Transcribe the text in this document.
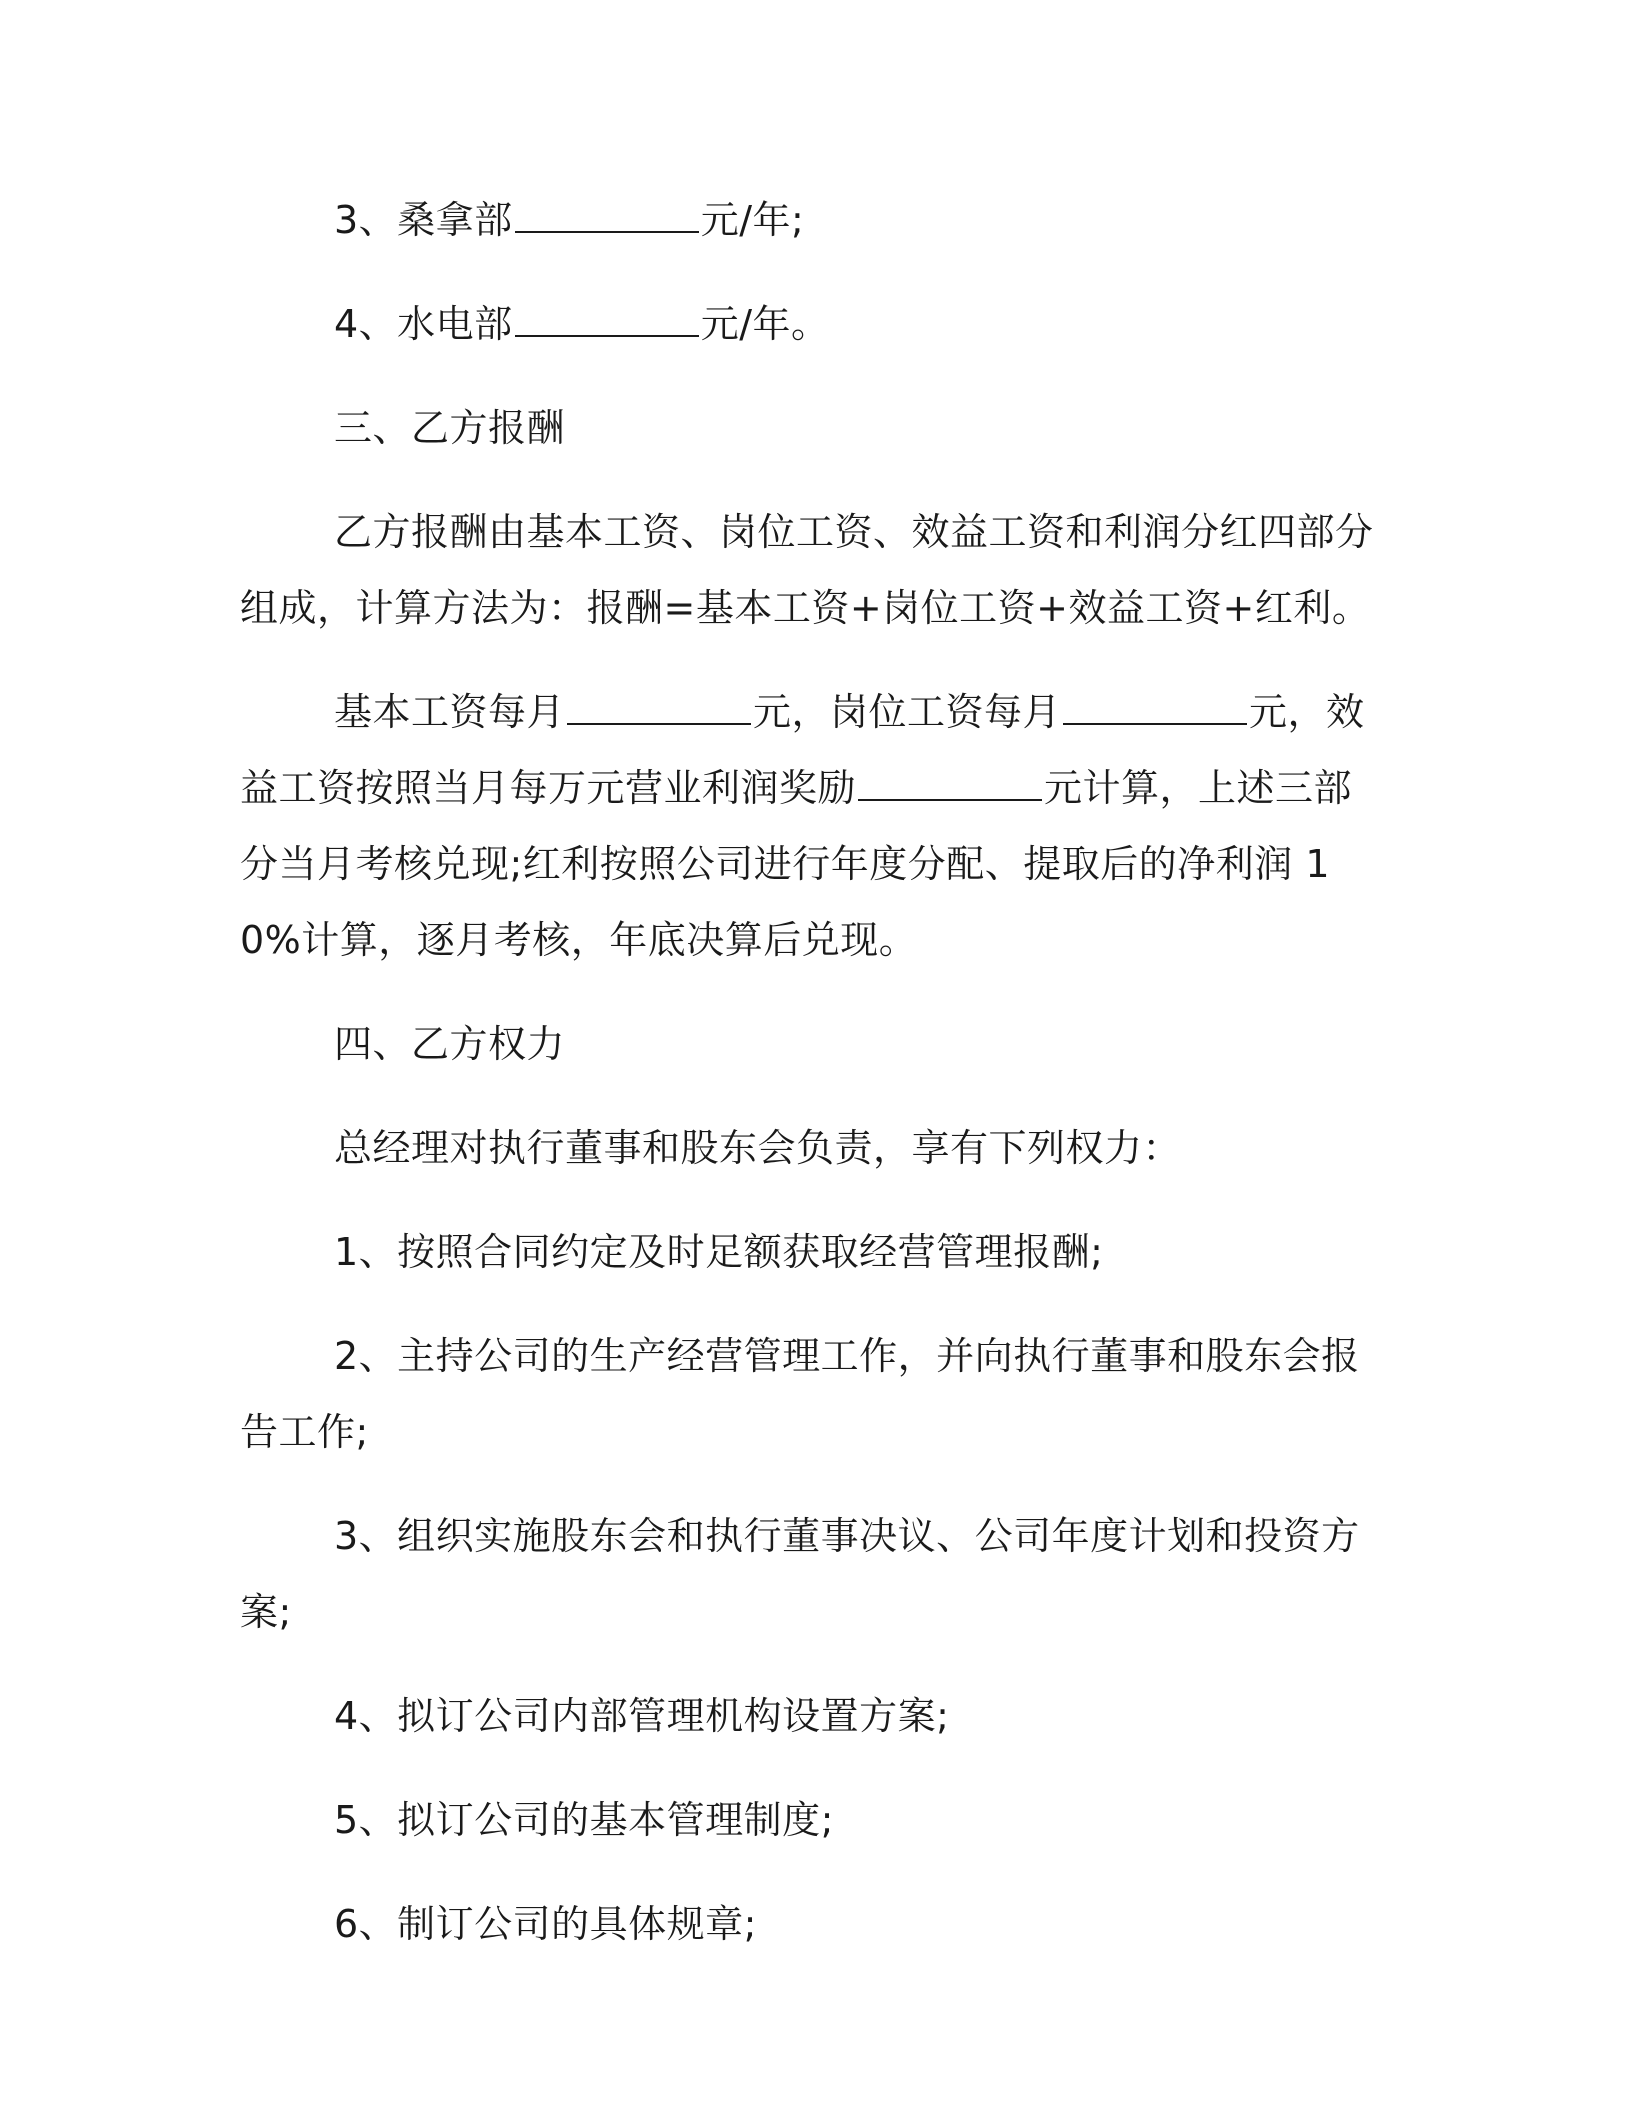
3、桑拿部	元/年;

4、水电部	元/年。

三、乙方报酬

乙方报酬由基本工资、岗位工资、效益工资和利润分红四部分组成，计算方法为：报酬=基本工资+岗位工资+效益工资+红利。

基本工资每月	元，岗位工资每月	元，效益工资按照当月每万元营业利润奖励	元计算，上述三部分当月考核兑现;红利按照公司进行年度分配、提取后的净利润 10%计算，逐月考核，年底决算后兑现。

四、乙方权力

总经理对执行董事和股东会负责，享有下列权力：

1、按照合同约定及时足额获取经营管理报酬;

2、主持公司的生产经营管理工作，并向执行董事和股东会报告工作;

3、组织实施股东会和执行董事决议、公司年度计划和投资方案;

4、拟订公司内部管理机构设置方案;

5、拟订公司的基本管理制度;

6、制订公司的具体规章;
